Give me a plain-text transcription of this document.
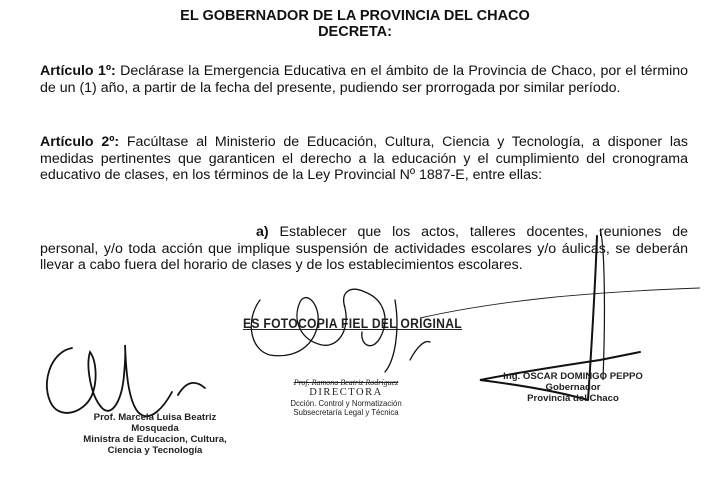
EL GOBERNADOR DE LA PROVINCIA DEL CHACO
DECRETA:
Artículo 1º: Declárase la Emergencia Educativa en el ámbito de la Provincia de Chaco, por el término de un (1) año, a partir de la fecha del presente, pudiendo ser prorrogada por similar período.
Artículo 2º: Facúltase al Ministerio de Educación, Cultura, Ciencia y Tecnología, a disponer las medidas pertinentes que garanticen el derecho a la educación y el cumplimiento del cronograma educativo de clases, en los términos de la Ley Provincial Nº 1887-E, entre ellas:
a) Establecer que los actos, talleres docentes, reuniones de personal, y/o toda acción que implique suspensión de actividades escolares y/o áulicas, se deberán llevar a cabo fuera del horario de clases y de los establecimientos escolares.
ES FOTOCOPIA FIEL DEL ORIGINAL
Prof. Marcela Luisa Beatriz Mosqueda
Ministra de Educacion, Cultura,
Ciencia y Tecnología
Prof. Ramona Beatriz Rodríguez
DIRECTORA
Dcción. Control y Normatización
Subsecretaría Legal y Técnica
Ing. OSCAR DOMINGO PEPPO
Gobernador
Provincia del Chaco
